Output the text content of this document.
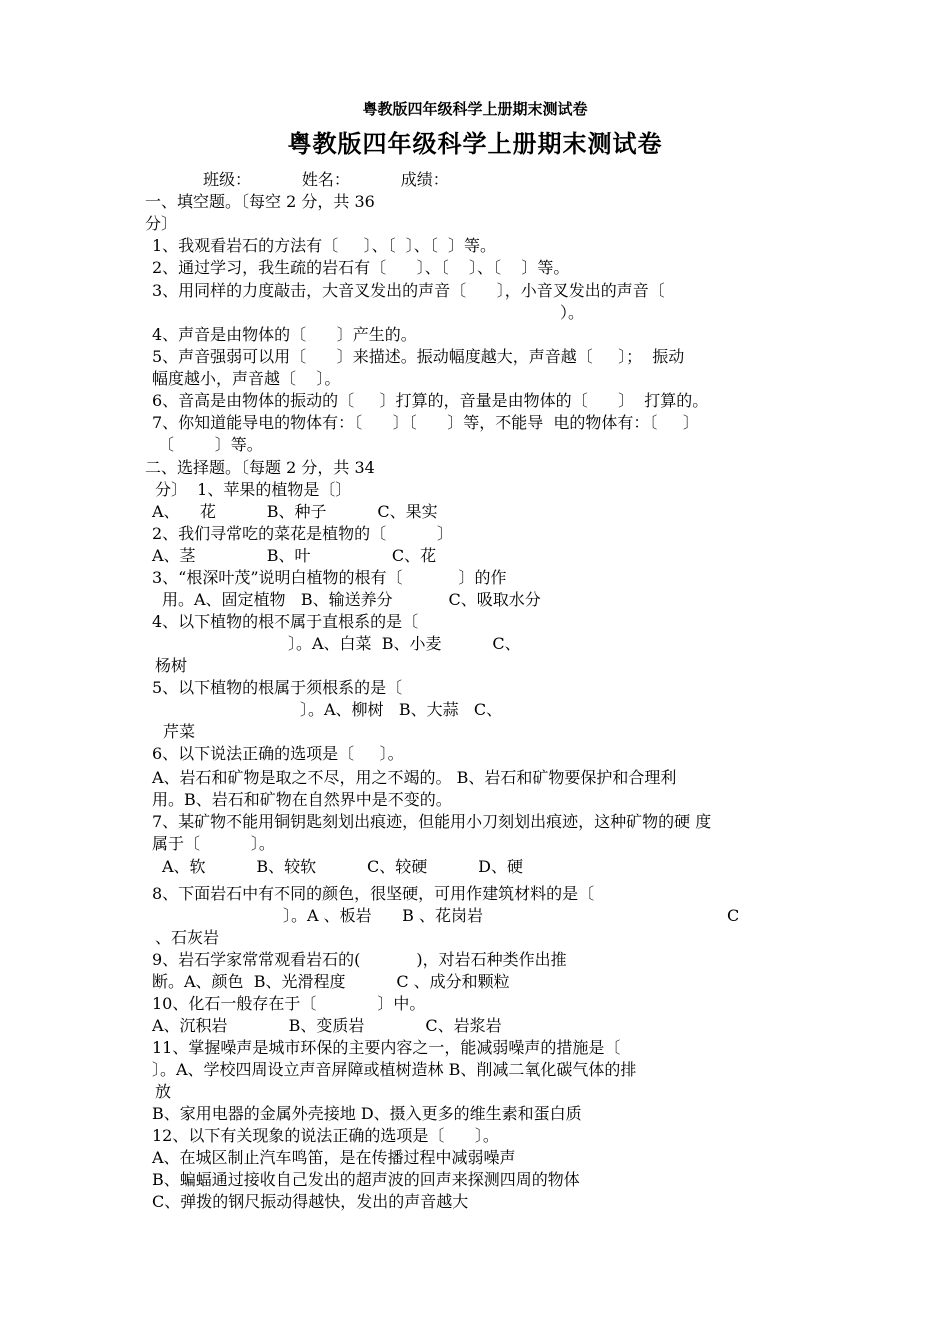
粤教版四年级科学上册期末测试卷
粤教版四年级科学上册期末测试卷
班级：          姓名：          成绩：
一、填空题。〔每空 2 分，共 36
分〕
1、我观看岩石的方法有〔     〕、〔  〕、〔  〕等。
2、通过学习，我生疏的岩石有〔      〕、〔    〕、〔    〕等。
3、用同样的力度敲击，大音叉发出的声音〔      〕，小音叉发出的声音〔
）。
4、声音是由物体的〔      〕产生的。
5、声音强弱可以用〔      〕来描述。振动幅度越大，声音越〔     〕；  振动
幅度越小，声音越〔    〕。
6、音高是由物体的振动的〔     〕打算的，音量是由物体的〔      〕  打算的。
7、你知道能导电的物体有：〔      〕〔      〕等，不能导  电的物体有：〔     〕
〔        〕等。
二、选择题。〔每题 2 分，共 34
分〕  1、苹果的植物是〔〕
A、    花          B、种子          C、果实
2、我们寻常吃的菜花是植物的〔          〕
A、茎              B、叶                C、花
3、“根深叶茂”说明白植物的根有〔           〕的作
用。A、固定植物   B、输送养分           C、吸取水分
4、以下植物的根不属于直根系的是〔
〕。A、白菜  B、小麦          C、
杨树
5、以下植物的根属于须根系的是〔
〕。A、柳树   B、大蒜   C、
芹菜
6、以下说法正确的选项是〔     〕。
A、岩石和矿物是取之不尽，用之不竭的。 B、岩石和矿物要保护和合理利
用。B、岩石和矿物在自然界中是不变的。
7、某矿物不能用铜钥匙刻划出痕迹，但能用小刀刻划出痕迹，这种矿物的硬 度
属于〔          〕。
A、软          B、较软          C、较硬          D、硬
8、下面岩石中有不同的颜色，很坚硬，可用作建筑材料的是〔
〕。A 、板岩      B 、花岗岩	C
、石灰岩
9、岩石学家常常观看岩石的(           )，对岩石种类作出推
断。A、颜色  B、光滑程度          C 、成分和颗粒
10、化石一般存在于〔            〕中。
A、沉积岩            B、变质岩            C、岩浆岩
11、掌握噪声是城市环保的主要内容之一，能减弱噪声的措施是〔
〕。A、学校四周设立声音屏障或植树造林 B、削减二氧化碳气体的排
放
B、家用电器的金属外壳接地 D、摄入更多的维生素和蛋白质
12、以下有关现象的说法正确的选项是〔      〕。
A、在城区制止汽车鸣笛，是在传播过程中减弱噪声
B、蝙蝠通过接收自己发出的超声波的回声来探测四周的物体
C、弹拨的钢尺振动得越快，发出的声音越大
